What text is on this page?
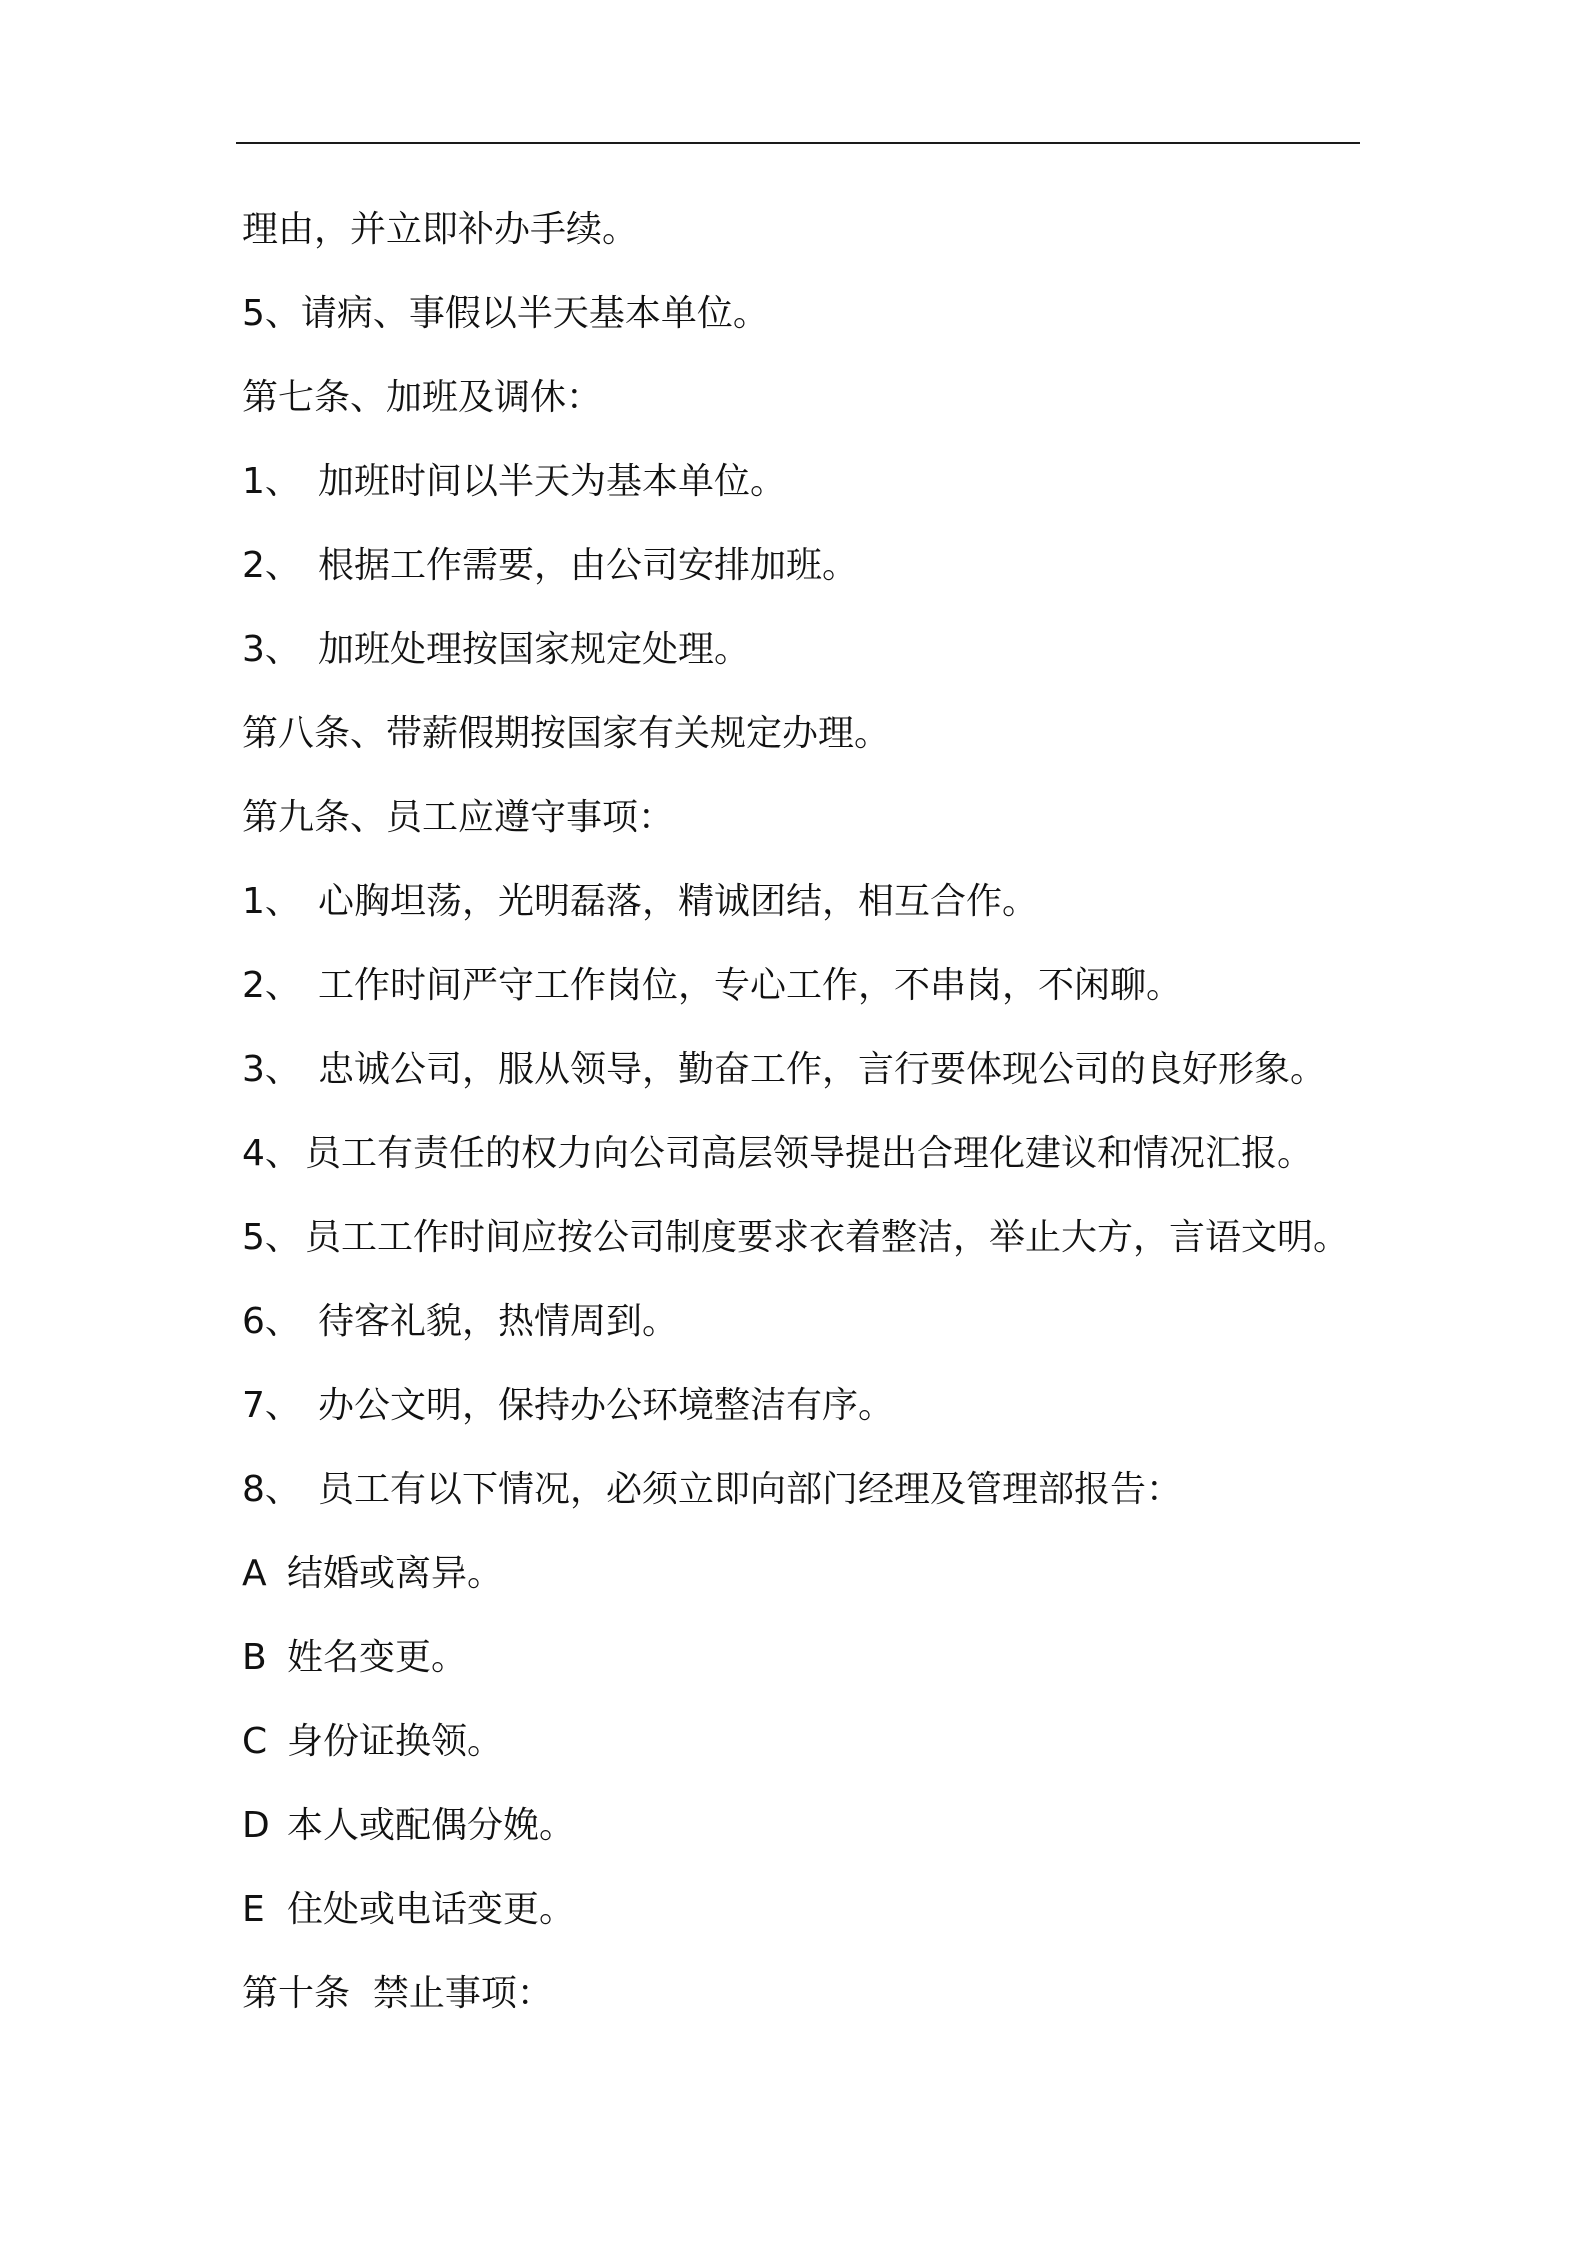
理由，并立即补办手续。
5、请病、事假以半天基本单位。
第七条、加班及调休：
1、 加班时间以半天为基本单位。
2、 根据工作需要，由公司安排加班。
3、 加班处理按国家规定处理。
第八条、带薪假期按国家有关规定办理。
第九条、员工应遵守事项：
1、 心胸坦荡，光明磊落，精诚团结，相互合作。
2、 工作时间严守工作岗位，专心工作，不串岗，不闲聊。
3、 忠诚公司，服从领导，勤奋工作，言行要体现公司的良好形象。
4、 员工有责任的权力向公司高层领导提出合理化建议和情况汇报。
5、 员工工作时间应按公司制度要求衣着整洁，举止大方，言语文明。
6、 待客礼貌，热情周到。
7、 办公文明，保持办公环境整洁有序。
8、 员工有以下情况，必须立即向部门经理及管理部报告：
A 结婚或离异。
B 姓名变更。
C 身份证换领。
D 本人或配偶分娩。
E 住处或电话变更。
第十条  禁止事项：
